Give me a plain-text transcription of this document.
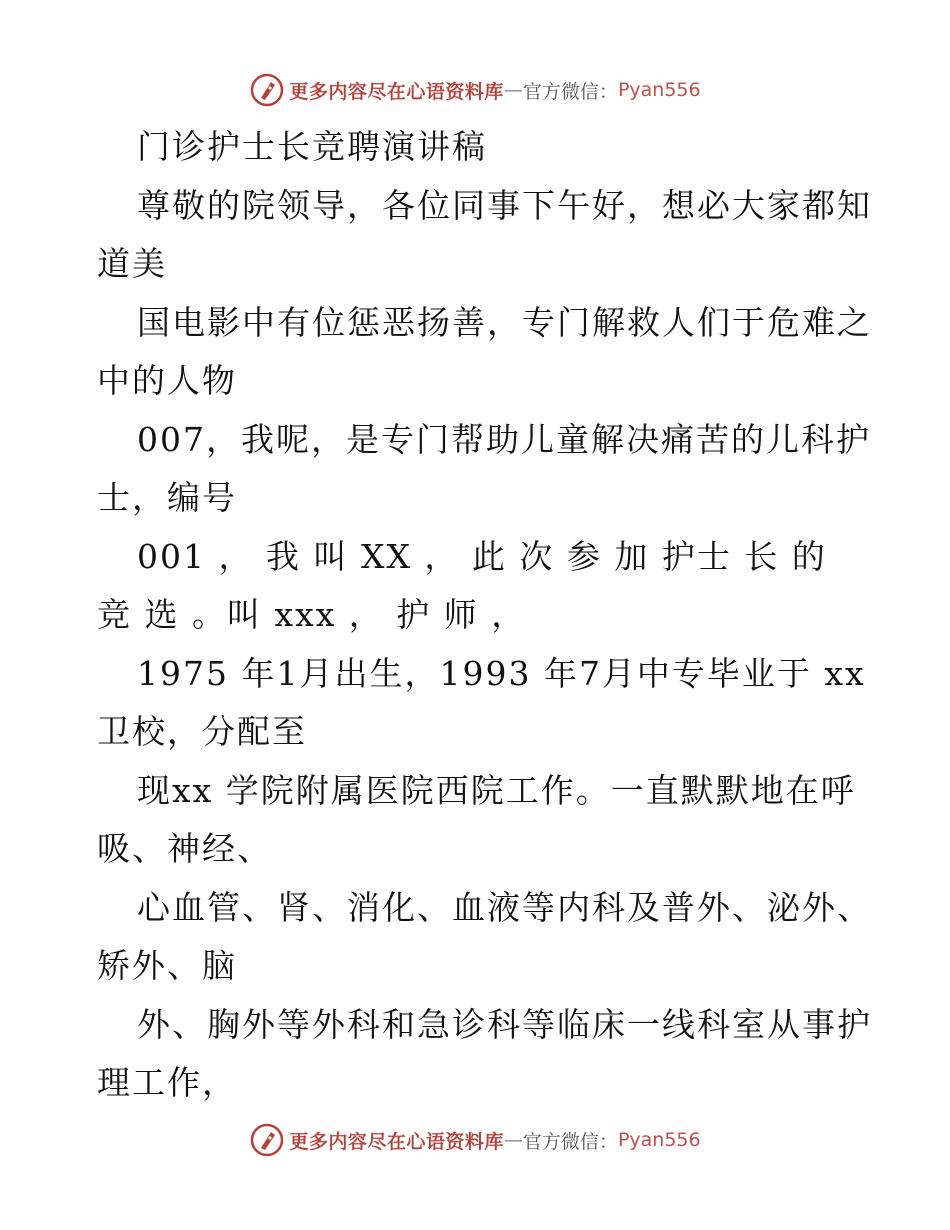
更多内容尽在心语资料库 — 官方微信： Pyan556
门诊护士长竞聘演讲稿
尊敬的院领导，各位同事下午好，想必大家都知
道美
国电影中有位惩恶扬善，专门解救人们于危难之
中的人物
007，我呢，是专门帮助儿童解决痛苦的儿科护
士，编号
001 ， 我 叫 XX ， 此 次 参 加 护士 长 的
竞 选 。叫 xxx ， 护 师 ，
1975 年1月出生，1993 年7月中专毕业于 xx
卫校，分配至
现xx 学院附属医院西院工作。一直默默地在呼
吸、神经、
心血管、肾、消化、血液等内科及普外、泌外、
矫外、脑
外、胸外等外科和急诊科等临床一线科室从事护
理工作，
更多内容尽在心语资料库 — 官方微信： Pyan556
